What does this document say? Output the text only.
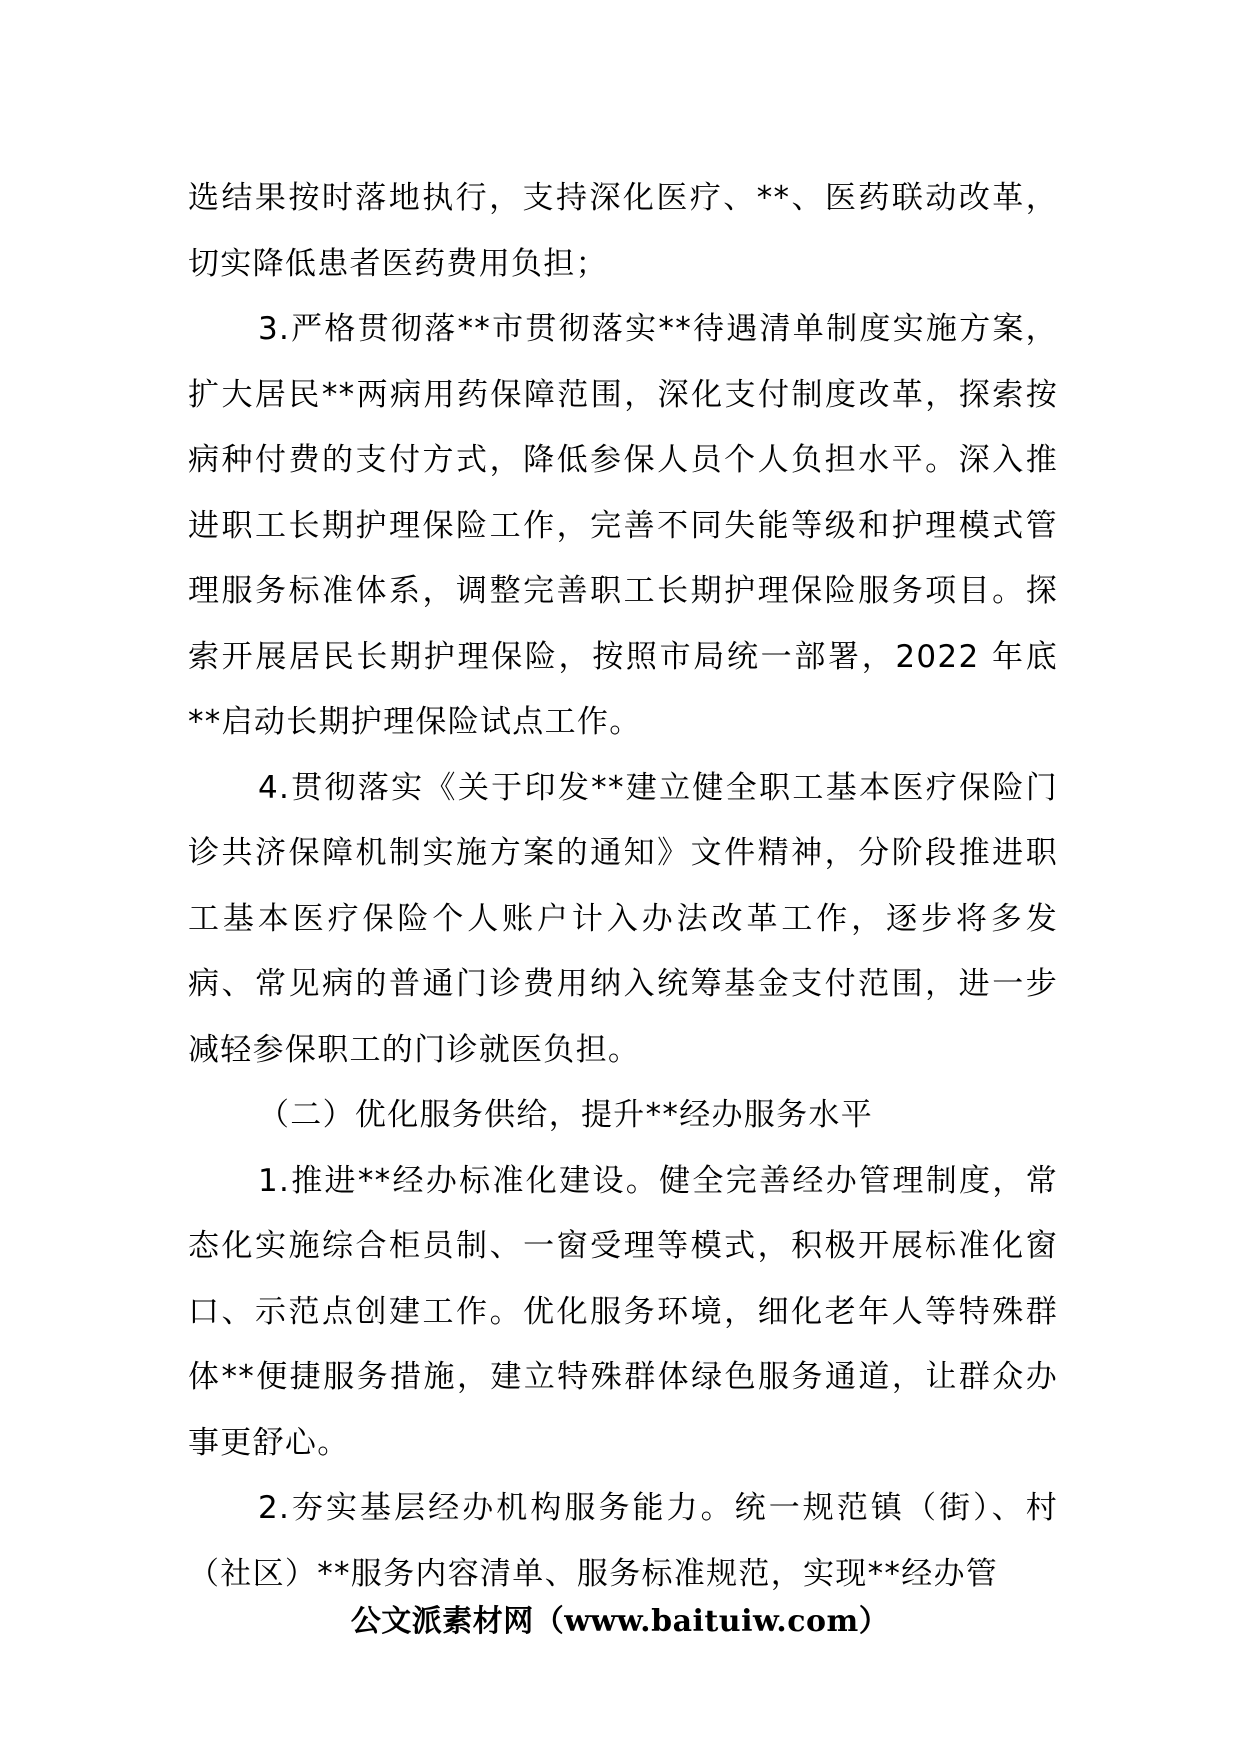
选结果按时落地执行，支持深化医疗、**、医药联动改革，切实降低患者医药费用负担；

3.严格贯彻落**市贯彻落实**待遇清单制度实施方案，扩大居民**两病用药保障范围，深化支付制度改革，探索按病种付费的支付方式，降低参保人员个人负担水平。深入推进职工长期护理保险工作，完善不同失能等级和护理模式管理服务标准体系，调整完善职工长期护理保险服务项目。探索开展居民长期护理保险，按照市局统一部署，2022 年底**启动长期护理保险试点工作。

4.贯彻落实《关于印发**建立健全职工基本医疗保险门诊共济保障机制实施方案的通知》文件精神，分阶段推进职工基本医疗保险个人账户计入办法改革工作，逐步将多发病、常见病的普通门诊费用纳入统筹基金支付范围，进一步减轻参保职工的门诊就医负担。

（二）优化服务供给，提升**经办服务水平

1.推进**经办标准化建设。健全完善经办管理制度，常态化实施综合柜员制、一窗受理等模式，积极开展标准化窗口、示范点创建工作。优化服务环境，细化老年人等特殊群体**便捷服务措施，建立特殊群体绿色服务通道，让群众办事更舒心。

2.夯实基层经办机构服务能力。统一规范镇（街）、村（社区）**服务内容清单、服务标准规范，实现**经办管

公文派素材网（www.baituiw.com）
